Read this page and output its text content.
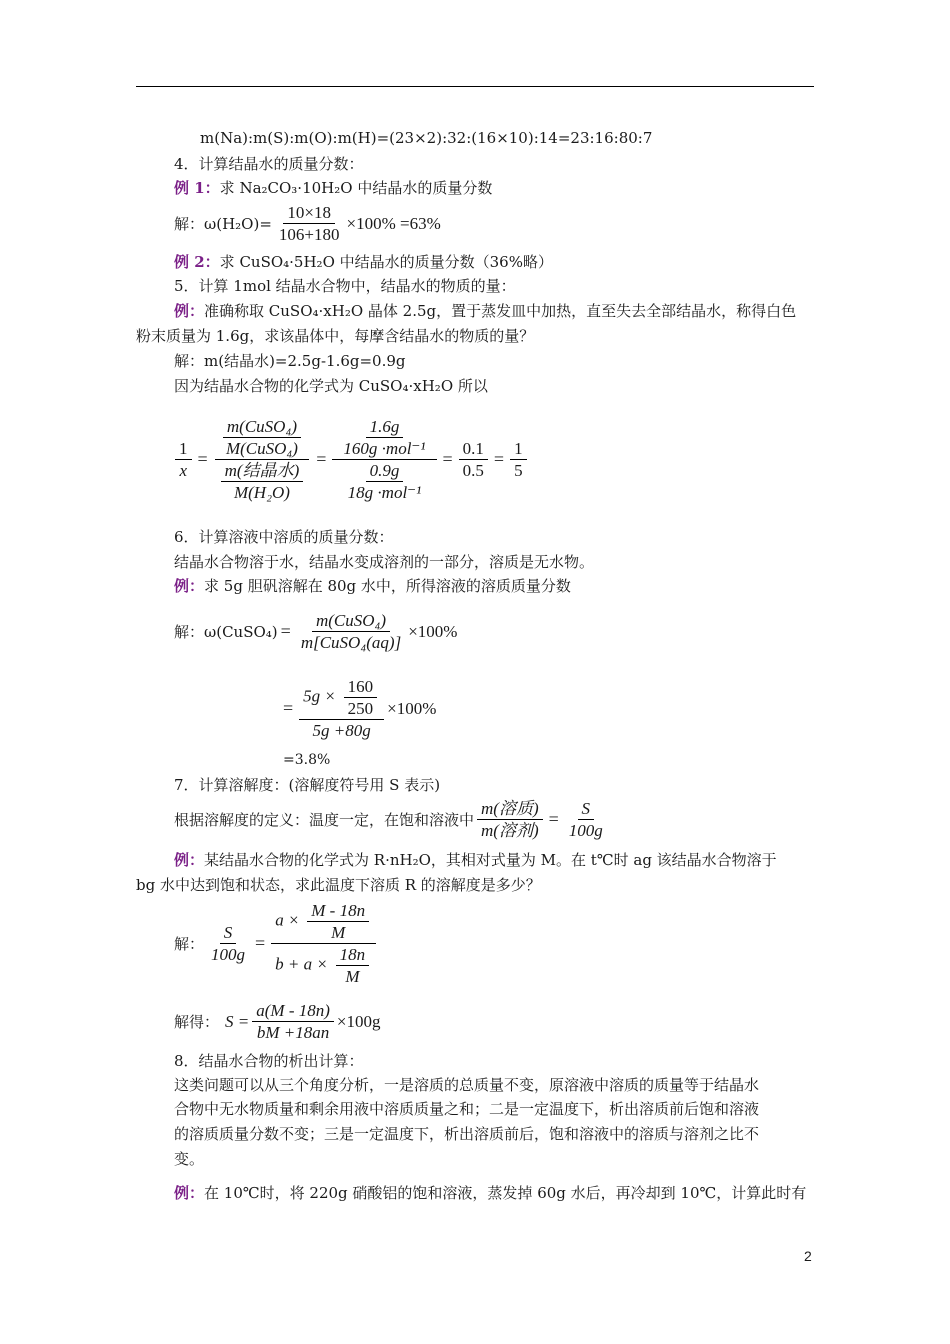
m(Na):m(S):m(O):m(H)=(23×2):32:(16×10):14=23:16:80:7
4．计算结晶水的质量分数：
例 1：求 Na₂CO₃·10H₂O 中结晶水的质量分数
解：$\omega(H_2O)= \frac{10\times 18}{106+180} \times 100\% =63\%$
例 2：求 CuSO₄·5H₂O 中结晶水的质量分数（36%略）
5．计算 1mol 结晶水合物中，结晶水的物质的量：
例：准确称取 CuSO₄·xH₂O 晶体 2.5g，置于蒸发皿中加热，直至失去全部结晶水，称得白色
粉末质量为 1.6g，求该晶体中，每摩含结晶水的物质的量？
解：m(结晶水)=2.5g-1.6g=0.9g
因为结晶水合物的化学式为 CuSO₄·xH₂O 所以
$\frac{1}{x} = \frac{\frac{\text{m(CuSO₄)}}{\text{M(CuSO₄)}}}{\frac{\text{m(结晶水)}}{\text{M(H₂O)}}} = \frac{\frac{1.6g}{\text{160g ·mol⁻¹}}}{\frac{0.9g}{\text{18g ·mol⁻¹}}} = \frac{0.1}{0.5} = \frac{1}{5}$
6．计算溶液中溶质的质量分数：
结晶水合物溶于水，结晶水变成溶剂的一部分，溶质是无水物。
例：求 5g 胆矾溶解在 80g 水中，所得溶液的溶质质量分数
解：ω(CuSO₄) = $\frac{\text{m(CuSO₄)}}{\text{m[CuSO₄(aq)]}} \times 100\%$
= $\frac{5g \times \frac{160}{250}}{5g +80g} \times 100\%$
=3.8%
7．计算溶解度：(溶解度符号用 S 表示)
根据溶解度的定义：温度一定，在饱和溶液中 $\frac{\text{m(溶质)}}{\text{m(溶剂)}} = \frac{S}{100g}$
例：某结晶水合物的化学式为 R·nH₂O，其相对式量为 M。在 t℃时 ag 该结晶水合物溶于
bg 水中达到饱和状态，求此温度下溶质 R 的溶解度是多少？
解： $\frac{S}{100g} = \frac{a \times \frac{M - 18n}{M}}{b + a \times \frac{18n}{M}}$
解得： $S = \frac{a(M - 18n)}{bM +18an} \times 100g$
8．结晶水合物的析出计算：
这类问题可以从三个角度分析，一是溶质的总质量不变，原溶液中溶质的质量等于结晶水
合物中无水物质量和剩余用液中溶质质量之和；二是一定温度下，析出溶质前后饱和溶液
的溶质质量分数不变；三是一定温度下，析出溶质前后，饱和溶液中的溶质与溶剂之比不
变。
例：在 10℃时，将 220g 硝酸铝的饱和溶液，蒸发掉 60g 水后，再冷却到 10℃，计算此时有
2
